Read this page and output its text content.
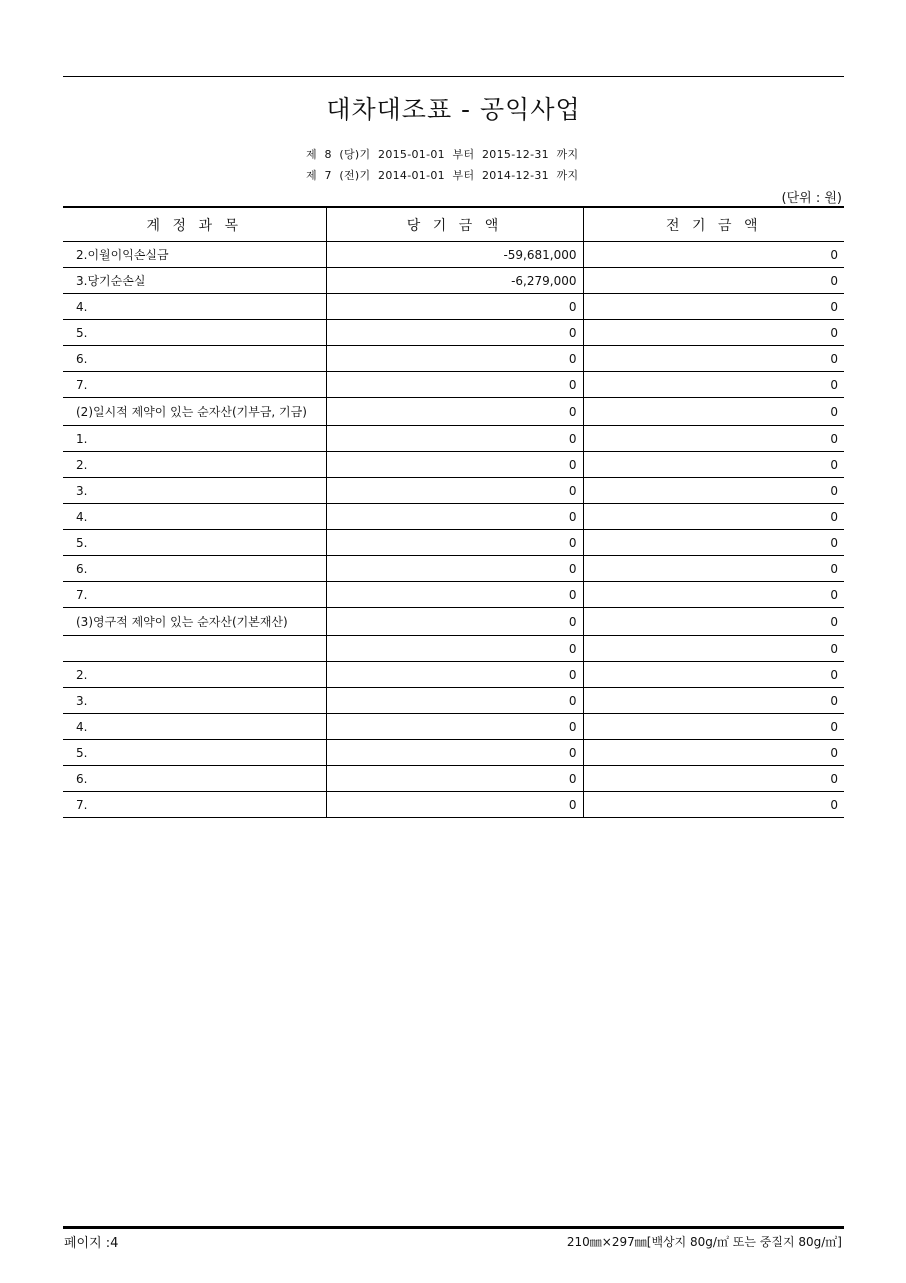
대차대조표 - 공익사업
제  8  (당)기  2015-01-01  부터  2015-12-31  까지
제  7  (전)기  2014-01-01  부터  2014-12-31  까지
(단위 : 원)
계 정 과 목	당 기 금 액	전 기 금 액
2.이월이익손실금	-59,681,000	0
3.당기순손실	-6,279,000	0
4.	0	0
5.	0	0
6.	0	0
7.	0	0
(2)일시적 제약이 있는 순자산(기부금, 기금)	0	0
1.	0	0
2.	0	0
3.	0	0
4.	0	0
5.	0	0
6.	0	0
7.	0	0
(3)영구적 제약이 있는 순자산(기본재산)	0	0
	0	0
2.	0	0
3.	0	0
4.	0	0
5.	0	0
6.	0	0
7.	0	0
페이지 :4	210㎜×297㎜[백상지 80g/㎡ 또는 중질지 80g/㎡]
